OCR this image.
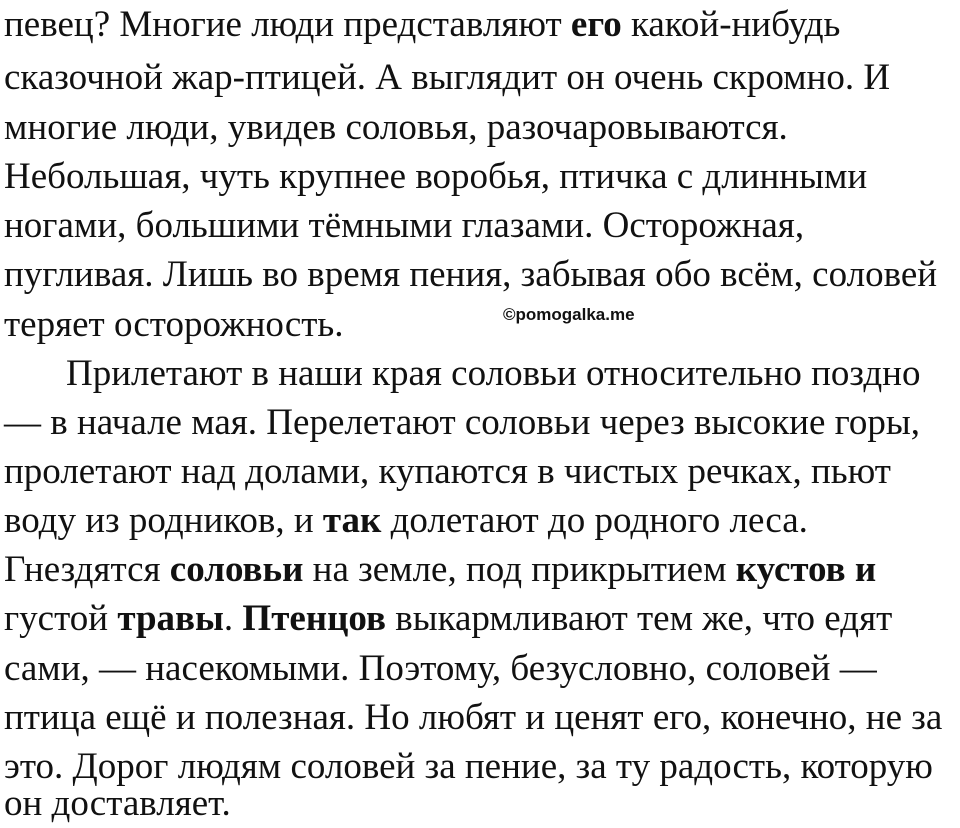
певец? Многие люди представляют его какой-нибудь
сказочной жар-птицей. А выглядит он очень скромно. И
многие люди, увидев соловья, разочаровываются.
Небольшая, чуть крупнее воробья, птичка с длинными
ногами, большими тёмными глазами. Осторожная,
пугливая. Лишь во время пения, забывая обо всём, соловей
теряет осторожность.	©pomogalka.me
Прилетают в наши края соловьи относительно поздно
— в начале мая. Перелетают соловьи через высокие горы,
пролетают над долами, купаются в чистых речках, пьют
воду из родников, и так долетают до родного леса.
Гнездятся соловьи на земле, под прикрытием кустов и
густой травы. Птенцов выкармливают тем же, что едят
сами, — насекомыми. Поэтому, безусловно, соловей —
птица ещё и полезная. Но любят и ценят его, конечно, не за
это. Дорог людям соловей за пение, за ту радость, которую
он доставляет.
